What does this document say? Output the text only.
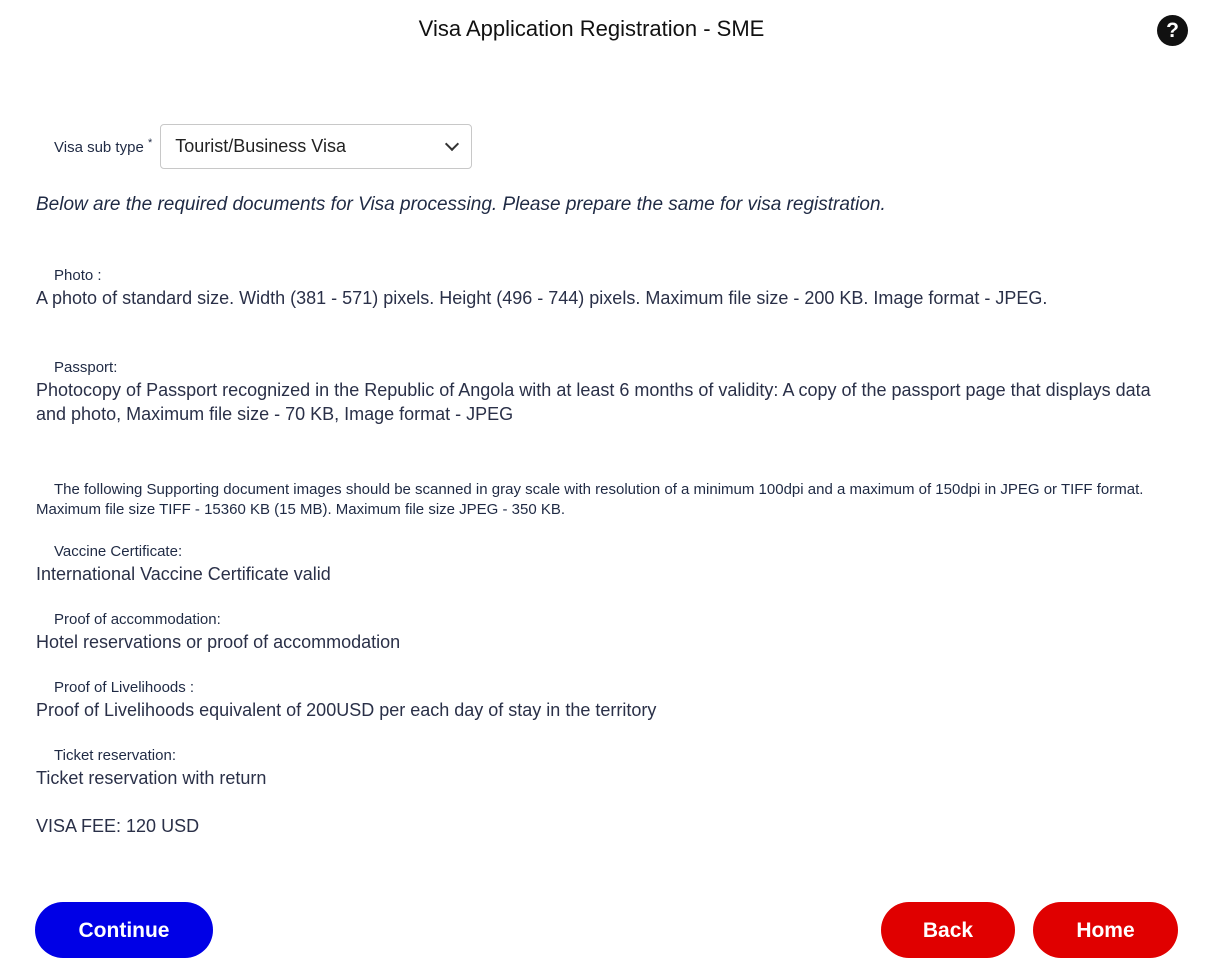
Visa Application Registration - SME	?
Visa sub type * Tourist/Business Visa
Below are the required documents for Visa processing. Please prepare the same for visa registration.
Photo :
A photo of standard size. Width (381 - 571) pixels. Height (496 - 744) pixels. Maximum file size - 200 KB. Image format - JPEG.
Passport:
Photocopy of Passport recognized in the Republic of Angola with at least 6 months of validity: A copy of the passport page that displays data and photo, Maximum file size - 70 KB, Image format - JPEG
The following Supporting document images should be scanned in gray scale with resolution of a minimum 100dpi and a maximum of 150dpi in JPEG or TIFF format. Maximum file size TIFF - 15360 KB (15 MB). Maximum file size JPEG - 350 KB.
Vaccine Certificate:
International Vaccine Certificate valid
Proof of accommodation:
Hotel reservations or proof of accommodation
Proof of Livelihoods :
Proof of Livelihoods equivalent of 200USD per each day of stay in the territory
Ticket reservation:
Ticket reservation with return
VISA FEE: 120 USD
Continue	Back	Home
